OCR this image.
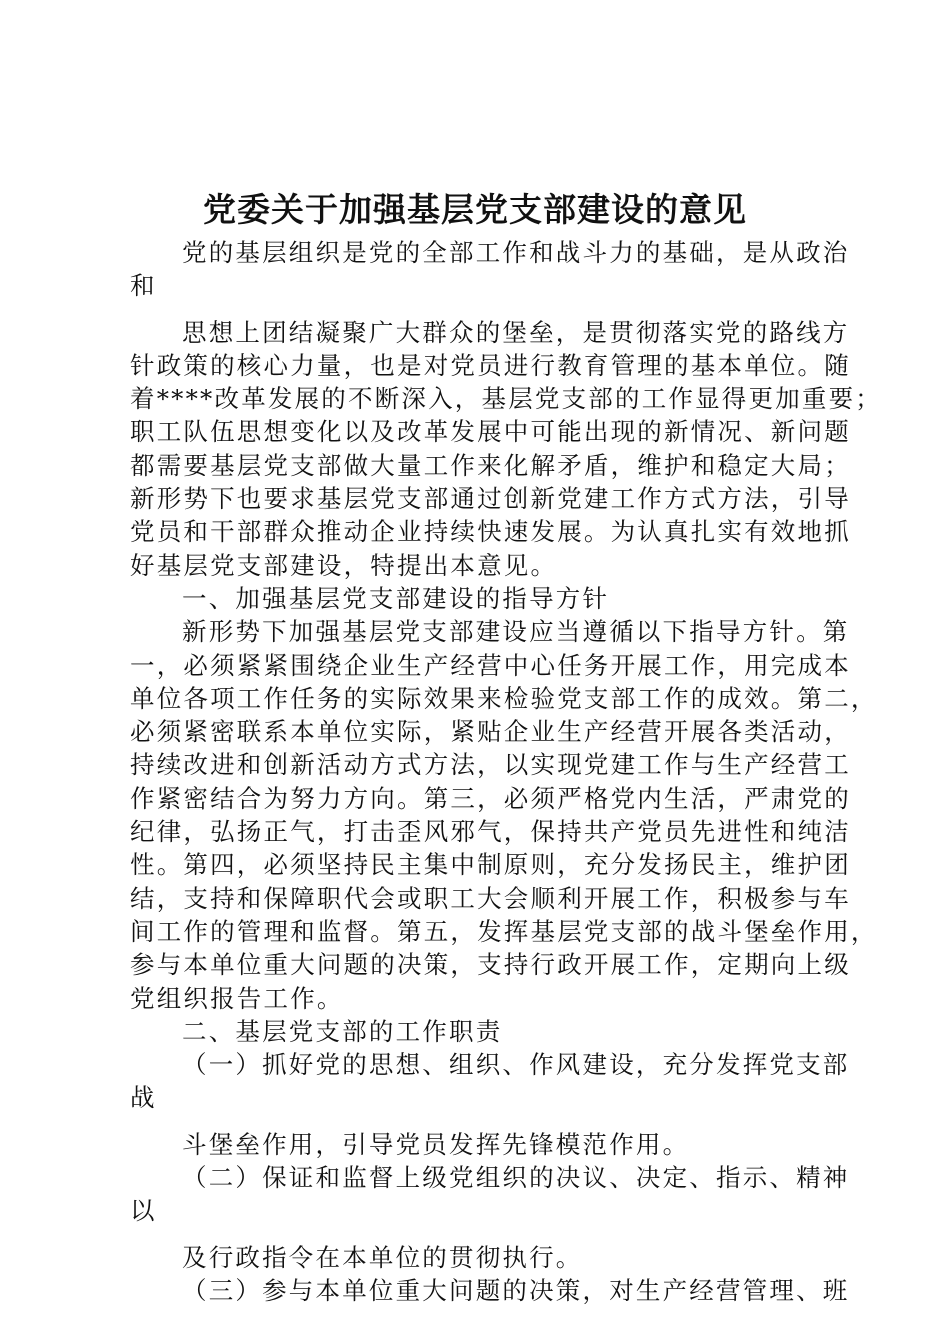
党委关于加强基层党支部建设的意见
党的基层组织是党的全部工作和战斗力的基础，是从政治
和
思想上团结凝聚广大群众的堡垒，是贯彻落实党的路线方
针政策的核心力量，也是对党员进行教育管理的基本单位。随
着****改革发展的不断深入，基层党支部的工作显得更加重要；
职工队伍思想变化以及改革发展中可能出现的新情况、新问题
都需要基层党支部做大量工作来化解矛盾，维护和稳定大局；
新形势下也要求基层党支部通过创新党建工作方式方法，引导
党员和干部群众推动企业持续快速发展。为认真扎实有效地抓
好基层党支部建设，特提出本意见。
一、加强基层党支部建设的指导方针
新形势下加强基层党支部建设应当遵循以下指导方针。第
一，必须紧紧围绕企业生产经营中心任务开展工作，用完成本
单位各项工作任务的实际效果来检验党支部工作的成效。第二，
必须紧密联系本单位实际，紧贴企业生产经营开展各类活动，
持续改进和创新活动方式方法，以实现党建工作与生产经营工
作紧密结合为努力方向。第三，必须严格党内生活，严肃党的
纪律，弘扬正气，打击歪风邪气，保持共产党员先进性和纯洁
性。第四，必须坚持民主集中制原则，充分发扬民主，维护团
结，支持和保障职代会或职工大会顺利开展工作，积极参与车
间工作的管理和监督。第五，发挥基层党支部的战斗堡垒作用，
参与本单位重大问题的决策，支持行政开展工作，定期向上级
党组织报告工作。
二、基层党支部的工作职责
（一）抓好党的思想、组织、作风建设，充分发挥党支部
战
斗堡垒作用，引导党员发挥先锋模范作用。
（二）保证和监督上级党组织的决议、决定、指示、精神
以
及行政指令在本单位的贯彻执行。
（三）参与本单位重大问题的决策，对生产经营管理、班
